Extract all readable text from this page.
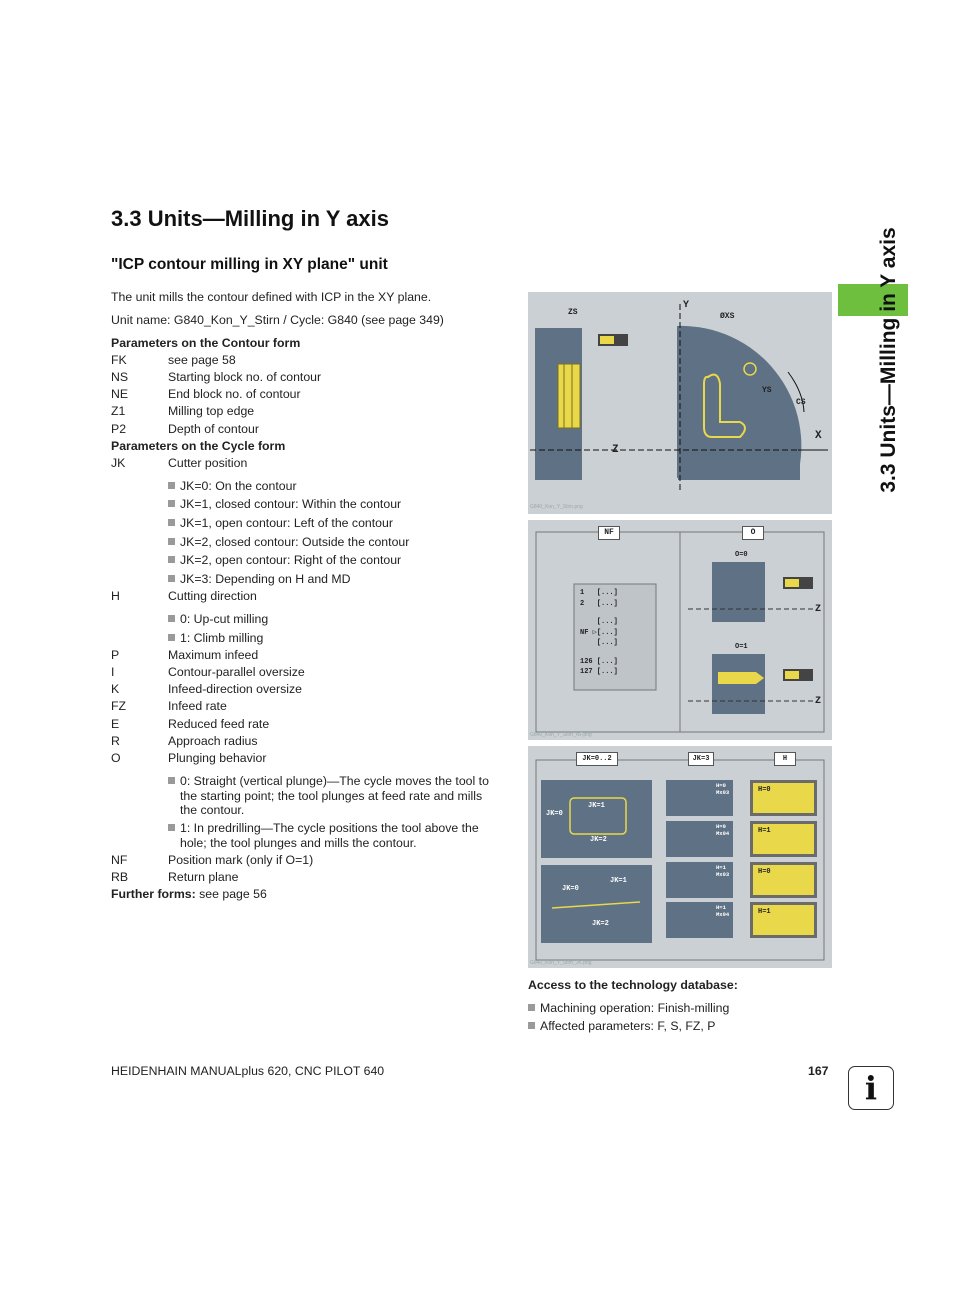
3.3 Units—Milling in Y axis
"ICP contour milling in XY plane" unit
The unit mills the contour defined with ICP in the XY plane.
Unit name: G840_Kon_Y_Stirn / Cycle: G840 (see page 349)
Parameters on the Contour form
FK	see page 58
NS	Starting block no. of contour
NE	End block no. of contour
Z1	Milling top edge
P2	Depth of contour
Parameters on the Cycle form
JK	Cutter position
JK=0: On the contour
JK=1, closed contour: Within the contour
JK=1, open contour: Left of the contour
JK=2, closed contour: Outside the contour
JK=2, open contour: Right of the contour
JK=3: Depending on H and MD
H	Cutting direction
0: Up-cut milling
1: Climb milling
P	Maximum infeed
I	Contour-parallel oversize
K	Infeed-direction oversize
FZ	Infeed rate
E	Reduced feed rate
R	Approach radius
O	Plunging behavior
0: Straight (vertical plunge)—The cycle moves the tool to
the starting point; the tool plunges at feed rate and mills
the contour.
1: In predrilling—The cycle positions the tool above the
hole; the tool plunges and mills the contour.
NF	Position mark (only if O=1)
RB	Return plane
Further forms: see page 56
3.3 Units—Milling in Y axis
ZS
Y
ØXS
YS
CS
X
Z
G840_Kon_Y_Stirn.png
NF	O
O=0
O=1
Z
Z
1   [...]
2   [...]
[...]
NF ▷[...]
[...]
126 [...]
127 [...]
G840_Kon_Y_Stirn_NF.png
JK=0..2	JK=3	H
JK=1
JK=0
JK=2
JK=1
JK=0
JK=2
H=0
Mx03
H=0
Mx04
H=1
Mx03
H=1
Mx04
H=0
H=1
H=0
H=1
G840_Kon_Y_Stirn_JK.png
Access to the technology database:
Machining operation: Finish-milling
Affected parameters: F, S, FZ, P
HEIDENHAIN MANUALplus 620, CNC PILOT 640	167	i
